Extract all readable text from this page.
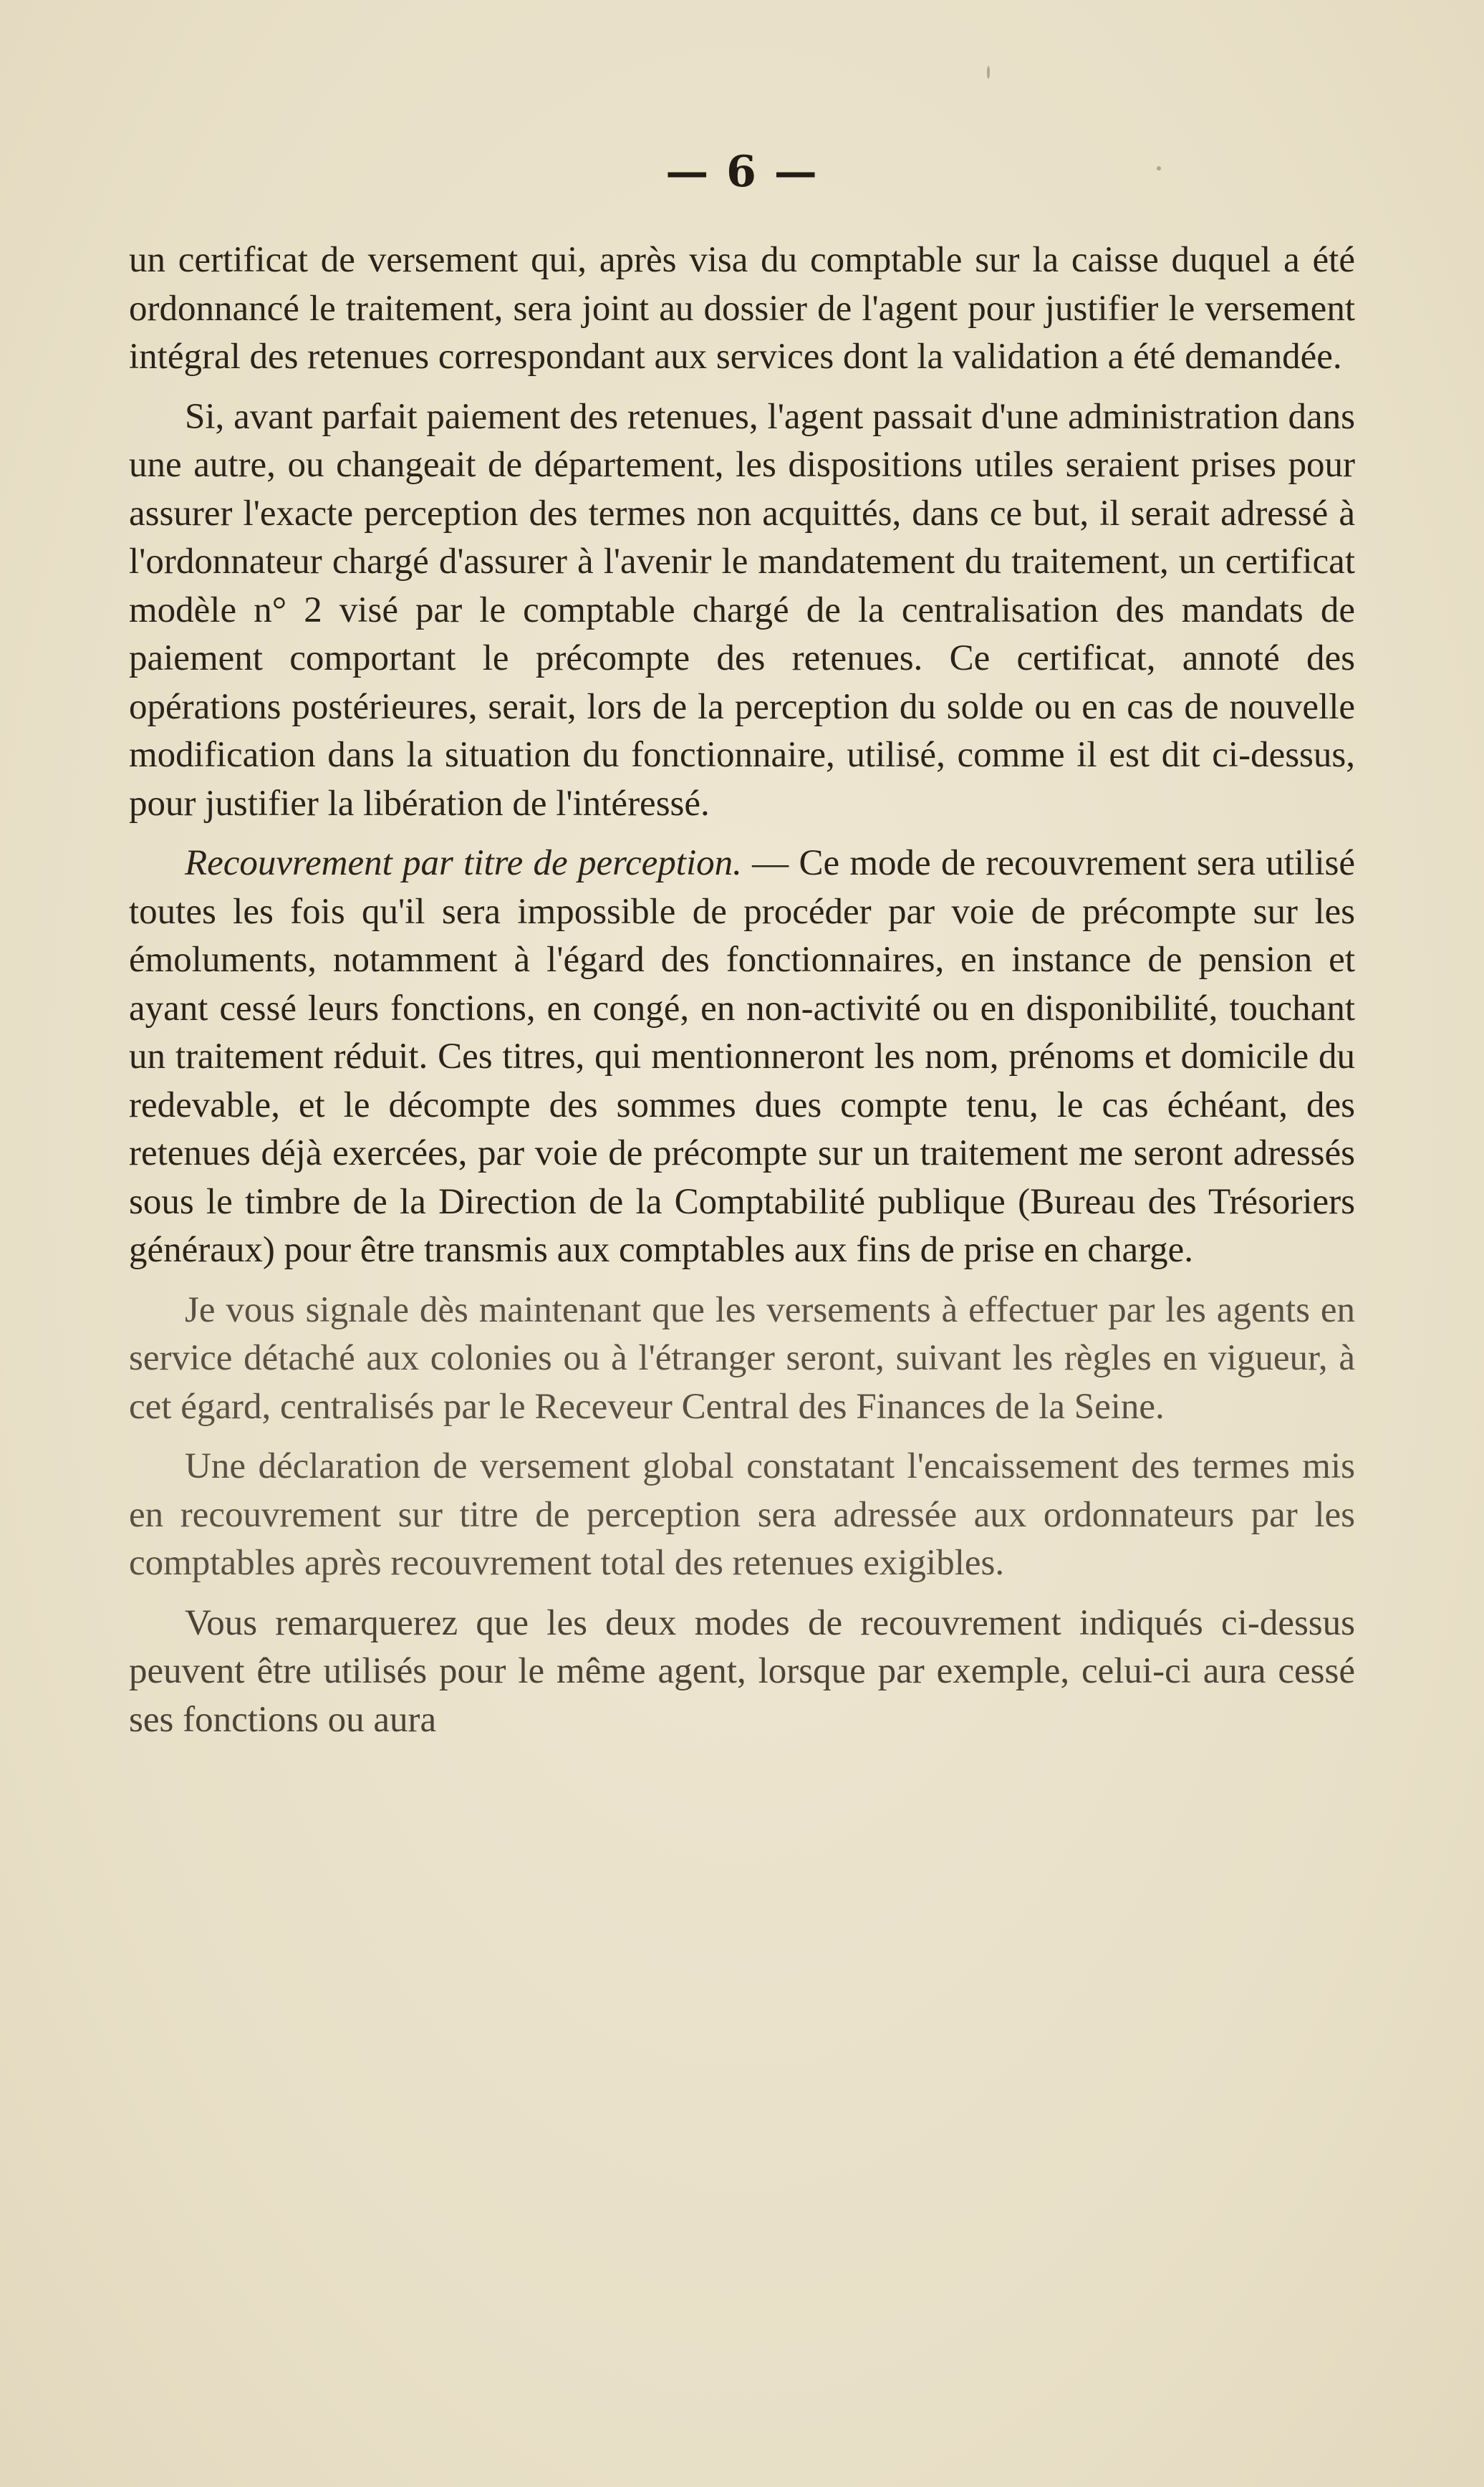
— 6 —

un certificat de versement qui, après visa du comptable sur la caisse duquel a été ordonnancé le traitement, sera joint au dossier de l'agent pour justifier le versement intégral des retenues correspondant aux services dont la validation a été demandée.

Si, avant parfait paiement des retenues, l'agent passait d'une administration dans une autre, ou changeait de département, les dispositions utiles seraient prises pour assurer l'exacte perception des termes non acquittés, dans ce but, il serait adressé à l'ordonnateur chargé d'assurer à l'avenir le mandatement du traitement, un certificat modèle n° 2 visé par le comptable chargé de la centralisation des mandats de paiement comportant le précompte des retenues. Ce certificat, annoté des opérations postérieures, serait, lors de la perception du solde ou en cas de nouvelle modification dans la situation du fonctionnaire, utilisé, comme il est dit ci-dessus, pour justifier la libération de l'intéressé.

Recouvrement par titre de perception. — Ce mode de recouvrement sera utilisé toutes les fois qu'il sera impossible de procéder par voie de précompte sur les émoluments, notamment à l'égard des fonctionnaires, en instance de pension et ayant cessé leurs fonctions, en congé, en non-activité ou en disponibilité, touchant un traitement réduit. Ces titres, qui mentionneront les nom, prénoms et domicile du redevable, et le décompte des sommes dues compte tenu, le cas échéant, des retenues déjà exercées, par voie de précompte sur un traitement me seront adressés sous le timbre de la Direction de la Comptabilité publique (Bureau des Trésoriers généraux) pour être transmis aux comptables aux fins de prise en charge.

Je vous signale dès maintenant que les versements à effectuer par les agents en service détaché aux colonies ou à l'étranger seront, suivant les règles en vigueur, à cet égard, centralisés par le Receveur Central des Finances de la Seine.

Une déclaration de versement global constatant l'encaissement des termes mis en recouvrement sur titre de perception sera adressée aux ordonnateurs par les comptables après recouvrement total des retenues exigibles.

Vous remarquerez que les deux modes de recouvrement indiqués ci-dessus peuvent être utilisés pour le même agent, lorsque par exemple, celui-ci aura cessé ses fonctions ou aura
